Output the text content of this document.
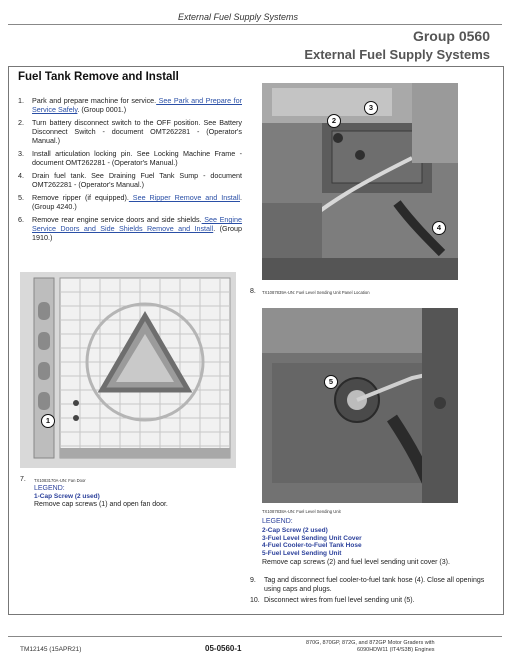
External Fuel Supply Systems
Group 0560
External Fuel Supply Systems
Fuel Tank Remove and Install
1.	Park and prepare machine for service. See Park and Prepare for Service Safely. (Group 0001.)
2.	Turn battery disconnect switch to the OFF position. See Battery Disconnect Switch - document OMT262281 - (Operator's Manual.)
3.	Install articulation locking pin. See Locking Machine Frame - document OMT262281 - (Operator's Manual.)
4.	Drain fuel tank. See Draining Fuel Tank Sump - document OMT262281 - (Operator's Manual.)
5.	Remove ripper (if equipped). See Ripper Remove and Install. (Group 4240.)
6.	Remove rear engine service doors and side shields. See Engine Service Doors and Side Shields Remove and Install. (Group 1910.)
2
3
4
8. TX1087839A-UN: Fuel Level Sending Unit Panel Location
5
TX1087838A-UN: Fuel Level Sending Unit
LEGEND:
2-Cap Screw (2 used)
3-Fuel Level Sending Unit Cover
4-Fuel Cooler-to-Fuel Tank Hose
5-Fuel Level Sending Unit
Remove cap screws (2) and fuel level sending unit cover (3).
9.	Tag and disconnect fuel cooler-to-fuel tank hose (4). Close all openings using caps and plugs.
10. Disconnect wires from fuel level sending unit (5).
1
7. TX1083170A-UN: Fan Door
LEGEND:
1-Cap Screw (2 used)
Remove cap screws (1) and open fan door.
TM12145 (15APR21)	05-0560-1
870G, 870GP, 872G, and 872GP Motor Graders with
6090HDW11 (IT4/S3B) Engines
